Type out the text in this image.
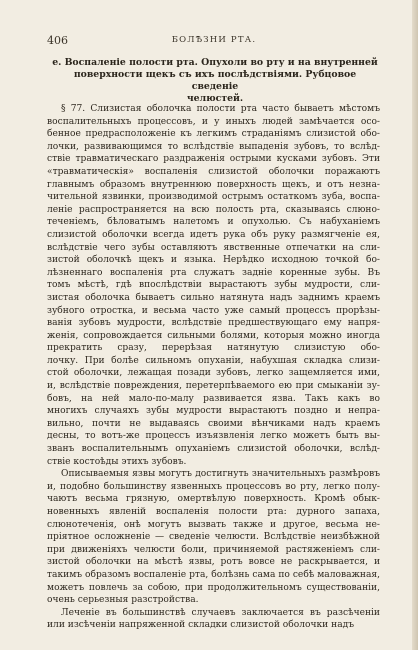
406	БОЛѢЗНИ РТА.
е. Воспаленіе полости рта. Опухоли во рту и на внутренней
поверхности щекъ съ ихъ послѣдствіями. Рубцовое сведеніе
челюстей.
§ 77. Слизистая оболочка полости рта часто бываетъ мѣстомъ
воспалительныхъ процессовъ, и у иныхъ людей замѣчается осо-
бенное предрасположеніе къ легкимъ страданіямъ слизистой обо-
лочки, развивающимся то вслѣдствіе выпаденія зубовъ, то вслѣд-
ствіе травматическаго раздраженія острыми кусками зубовъ. Эти
«травматическія» воспаленія слизистой оболочки поражаютъ
главнымъ образомъ внутреннюю поверхность щекъ, и отъ незна-
чительной язвинки, производимой острымъ остаткомъ зуба, воспа-
леніе распространяется на всю полость рта, сказываясь слюно-
теченіемъ, бѣловатымъ налетомъ и опухолью. Съ набуханіемъ
слизистой оболочки всегда идетъ рука объ руку размягченіе ея,
вслѣдствіе чего зубы оставляютъ явственные отпечатки на сли-
зистой оболочкѣ щекъ и языка. Нерѣдко исходною точкой бо-
лѣзненнаго воспаленія рта служатъ заднiе коренные зубы. Въ
томъ мѣстѣ, гдѣ впослѣдствіи вырастаютъ зубы мудрости, сли-
зистая оболочка бываетъ сильно натянута надъ заднимъ краемъ
зубного отростка, и весьма часто уже самый процессъ прорѣзы-
ванія зубовъ мудрости, вслѣдствіе предшествующаго ему напря-
женія, сопровождается сильными болями, которыя можно иногда
прекратить сразу, перерѣзая натянутую слизистую обо-
лочку. При болѣе сильномъ опуханіи, набухшая складка слизи-
стой оболочки, лежащая позади зубовъ, легко защемляется ими,
и, вслѣдствіе повреждения, перетерпѣваемого ею при смыканіи зу-
бовъ, на ней мало-по-малу развивается язва. Такъ какъ во
многихъ случаяхъ зубы мудрости вырастаютъ поздно и непра-
вильно, почти не выдаваясь своими вѣнчиками надъ краемъ
десны, то вотъ-же процессъ изъязвленія легко можетъ быть вы-
званъ воспалительнымъ опуханіемъ слизистой оболочки, вслѣд-
ствіе костоѣды этихъ зубовъ.
Описываемыя язвы могутъ достигнуть значительныхъ размѣровъ
и, подобно большинству язвенныхъ процессовъ во рту, легко полу-
чаютъ весьма грязную, омертвѣлую поверхность. Кромѣ обык-
новенныхъ явленій воспаленія полости рта: дурного запаха,
слюнотеченія, онѣ могутъ вызвать также и другое, весьма не-
пріятное осложненіе — сведеніе челюсти. Вслѣдствіе неизбѣжной
при движеніяхъ челюсти боли, причиняемой растяженіемъ сли-
зистой оболочки на мѣстѣ язвы, ротъ вовсе не раскрывается, и
такимъ образомъ воспаленіе рта, болѣзнь сама по себѣ маловажная,
можетъ повлечь за собою, при продолжительномъ существованіи,
очень серьезныя разстройства.
Леченіе въ большинствѣ случаевъ заключается въ разсѣченіи
или изсѣченіи напряженной складки слизистой оболочки надъ
